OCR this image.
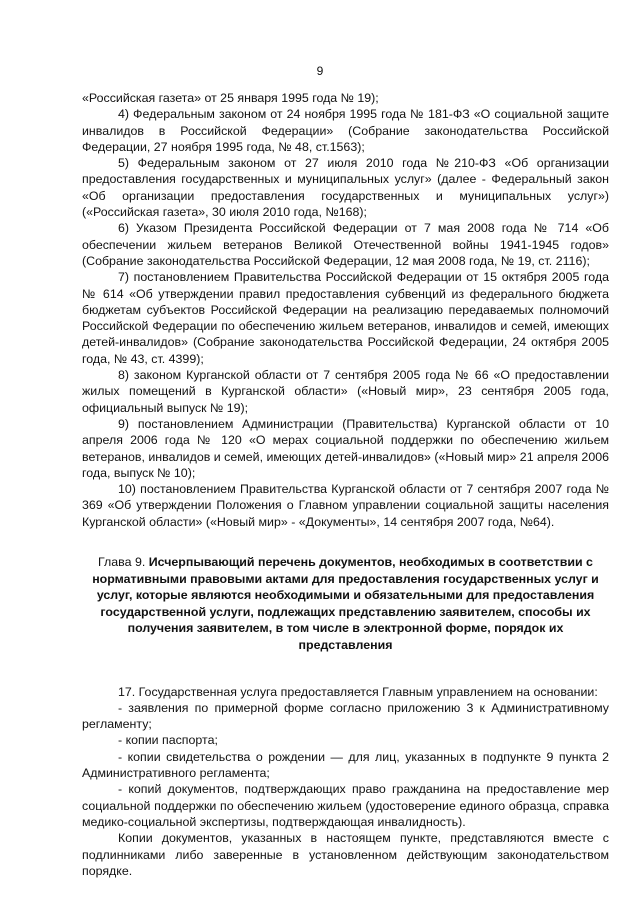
9

«Российская газета» от 25 января 1995 года № 19);

4) Федеральным законом от 24 ноября 1995 года № 181-ФЗ «О социальной защите инвалидов в Российской Федерации» (Собрание законодательства Российской Федерации, 27 ноября 1995 года, № 48, ст.1563);

5) Федеральным законом от 27 июля 2010 года №210-ФЗ «Об организации предоставления государственных и муниципальных услуг» (далее - Федеральный закон «Об организации предоставления государственных и муниципальных услуг») («Российская газета», 30 июля 2010 года, №168);

6) Указом Президента Российской Федерации от 7 мая 2008 года № 714 «Об обеспечении жильем ветеранов Великой Отечественной войны 1941-1945 годов» (Собрание законодательства Российской Федерации, 12 мая 2008 года, № 19, ст. 2116);

7) постановлением Правительства Российской Федерации от 15 октября 2005 года № 614 «Об утверждении правил предоставления субвенций из федерального бюджета бюджетам субъектов Российской Федерации на реализацию передаваемых полномочий Российской Федерации по обеспечению жильем ветеранов, инвалидов и семей, имеющих детей-инвалидов» (Собрание законодательства Российской Федерации, 24 октября 2005 года, № 43, ст. 4399);

8) законом Курганской области от 7 сентября 2005 года № 66 «О предоставлении жилых помещений в Курганской области» («Новый мир», 23 сентября 2005 года, официальный выпуск № 19);

9) постановлением Администрации (Правительства) Курганской области от 10 апреля 2006 года № 120 «О мерах социальной поддержки по обеспечению жильем ветеранов, инвалидов и семей, имеющих детей-инвалидов» («Новый мир» 21 апреля 2006 года, выпуск № 10);

10) постановлением Правительства Курганской области от 7 сентября 2007 года № 369 «Об утверждении Положения о Главном управлении социальной защиты населения Курганской области» («Новый мир» - «Документы», 14 сентября 2007 года, №64).

Глава 9. Исчерпывающий перечень документов, необходимых в соответствии с нормативными правовыми актами для предоставления государственных услуг и услуг, которые являются необходимыми и обязательными для предоставления государственной услуги, подлежащих представлению заявителем, способы их получения заявителем, в том числе в электронной форме, порядок их представления

17. Государственная услуга предоставляется Главным управлением на основании:

- заявления по примерной форме согласно приложению 3 к Административному регламенту;

- копии паспорта;

- копии свидетельства о рождении — для лиц, указанных в подпункте 9 пункта 2 Административного регламента;

- копий документов, подтверждающих право гражданина на предоставление мер социальной поддержки по обеспечению жильем (удостоверение единого образца, справка медико-социальной экспертизы, подтверждающая инвалидность).

Копии документов, указанных в настоящем пункте, представляются вместе с подлинниками либо заверенные в установленном действующим законодательством порядке.
